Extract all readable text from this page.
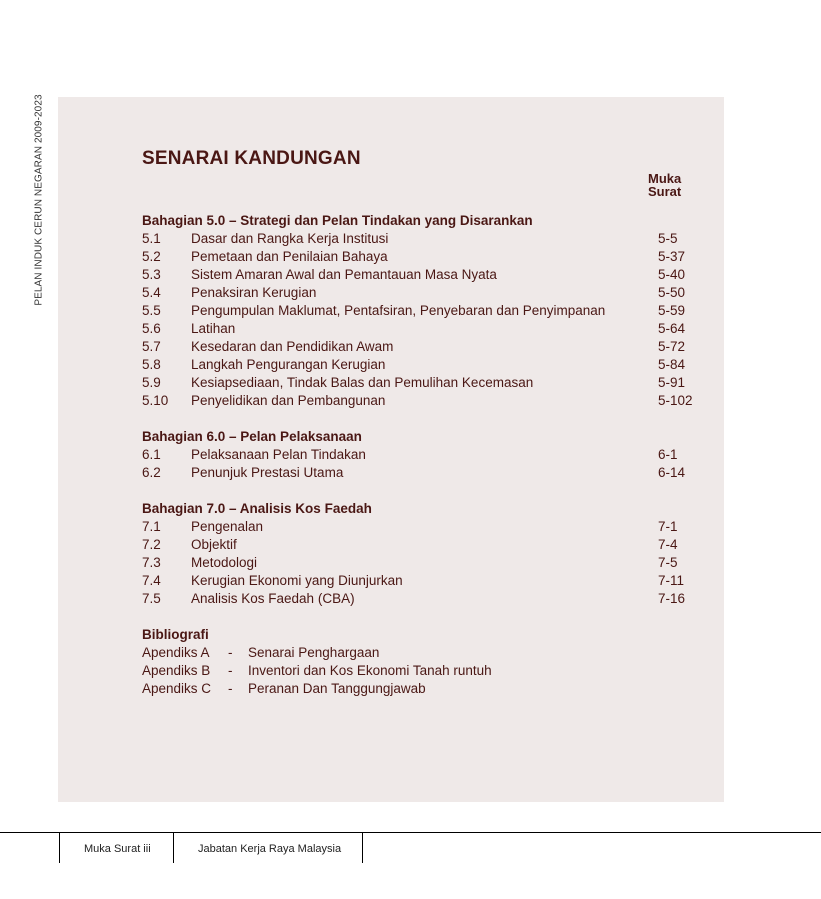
PELAN INDUK CERUN NEGARAN 2009-2023	SENARAI KANDUNGAN
Muka
Surat
Bahagian 5.0 – Strategi dan Pelan Tindakan yang Disarankan
5.1 Dasar dan Rangka Kerja Institusi	5-5
5.2 Pemetaan dan Penilaian Bahaya	5-37
5.3 Sistem Amaran Awal dan Pemantauan Masa Nyata	5-40
5.4 Penaksiran Kerugian	5-50
5.5 Pengumpulan Maklumat, Pentafsiran, Penyebaran dan Penyimpanan	5-59
5.6 Latihan	5-64
5.7 Kesedaran dan Pendidikan Awam	5-72
5.8 Langkah Pengurangan Kerugian	5-84
5.9 Kesiapsediaan, Tindak Balas dan Pemulihan Kecemasan	5-91
5.10 Penyelidikan dan Pembangunan	5-102
Bahagian 6.0 – Pelan Pelaksanaan
6.1 Pelaksanaan Pelan Tindakan	6-1
6.2 Penunjuk Prestasi Utama	6-14
Bahagian 7.0 – Analisis Kos Faedah
7.1 Pengenalan	7-1
7.2 Objektif	7-4
7.3 Metodologi	7-5
7.4 Kerugian Ekonomi yang Diunjurkan	7-11
7.5 Analisis Kos Faedah (CBA)	7-16
Bibliografi
Apendiks A - Senarai Penghargaan
Apendiks B - Inventori dan Kos Ekonomi Tanah runtuh
Apendiks C - Peranan Dan Tanggungjawab
Muka Surat iii	Jabatan Kerja Raya Malaysia
